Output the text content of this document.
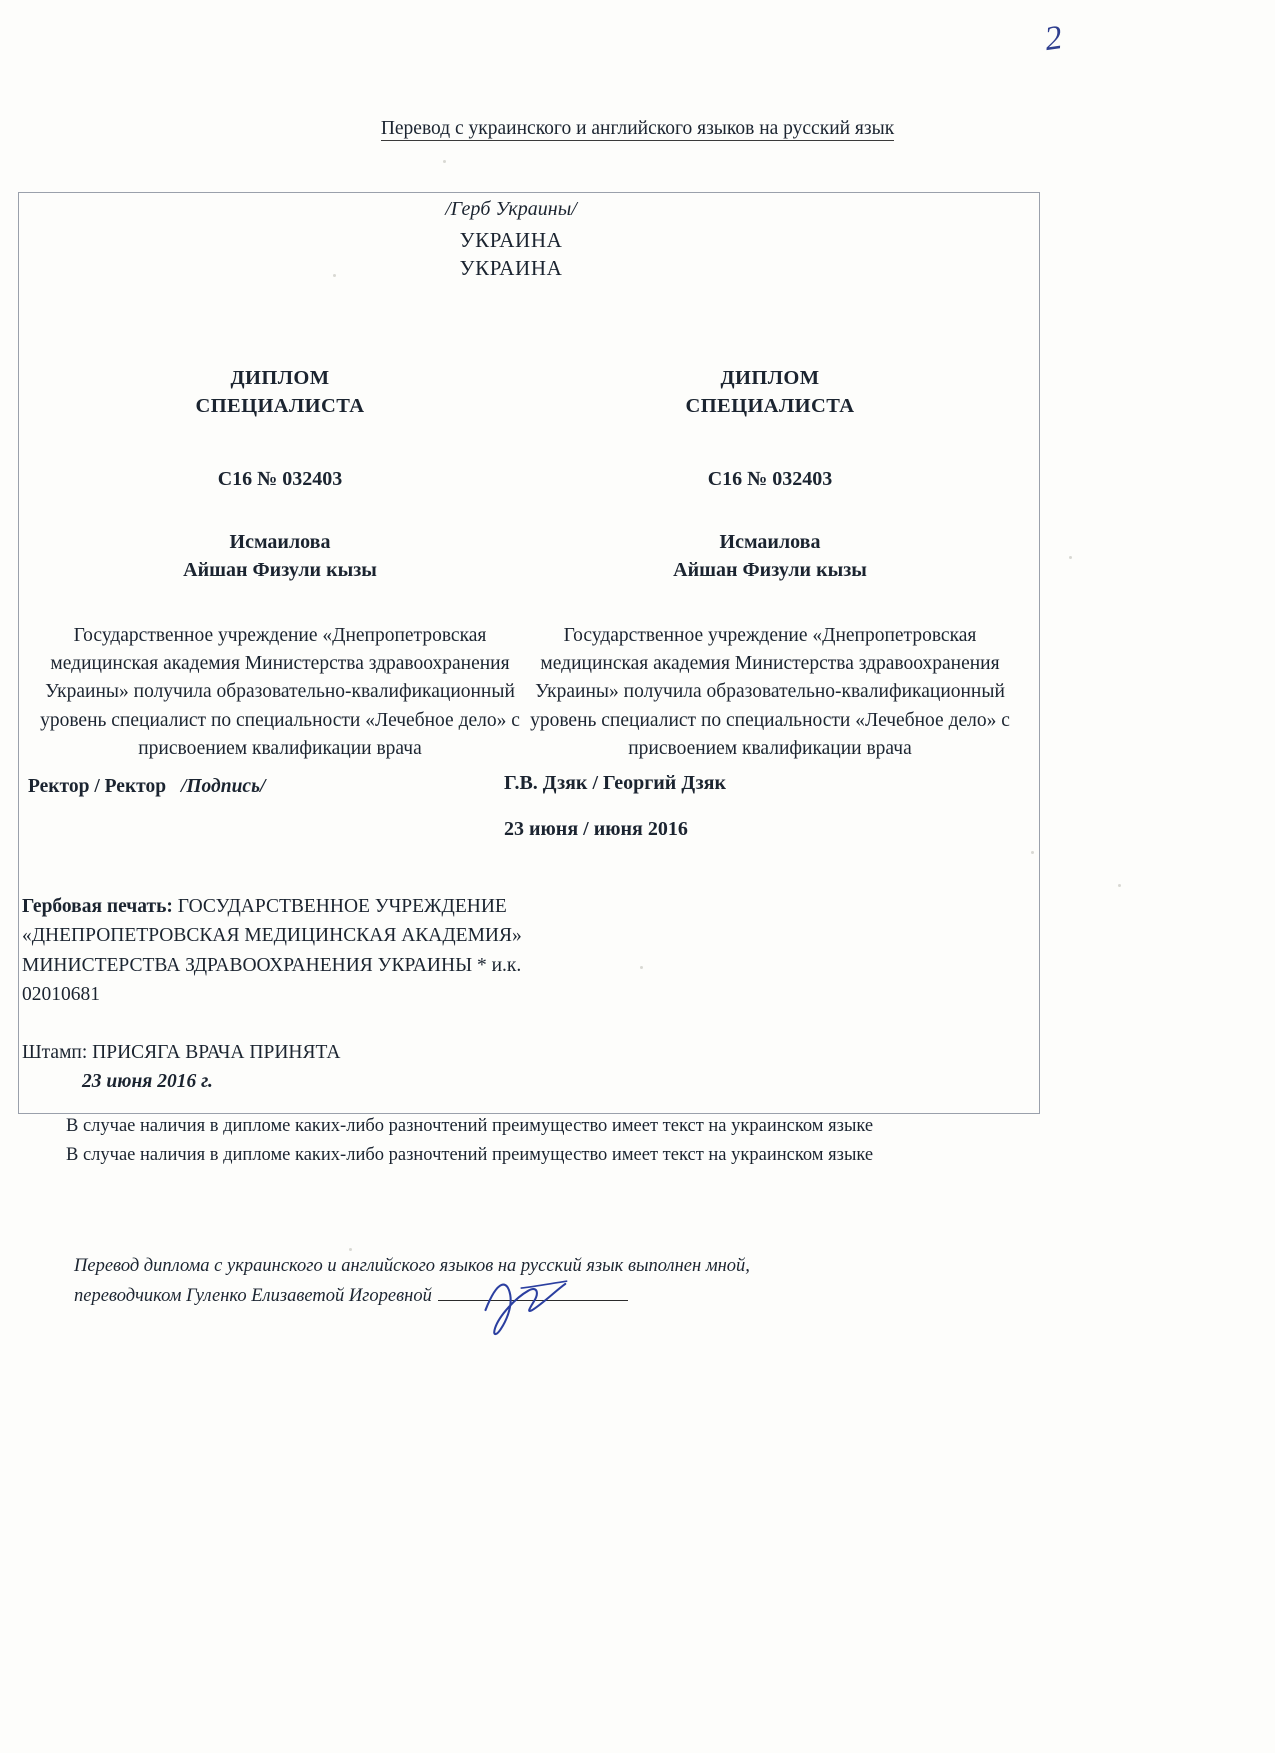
2
Перевод с украинского и английского языков на русский язык
/Герб Украины/
УКРАИНА
УКРАИНА
ДИПЛОМ
СПЕЦИАЛИСТА
С16 № 032403
Исмаилова
Айшан Физули кызы
Государственное учреждение «Днепропетровская медицинская академия Министерства здравоохранения Украины» получила образовательно-квалификационный уровень специалист по специальности «Лечебное дело» с присвоением квалификации врача
ДИПЛОМ
СПЕЦИАЛИСТА
С16 № 032403
Исмаилова
Айшан Физули кызы
Государственное учреждение «Днепропетровская медицинская академия Министерства здравоохранения Украины» получила образовательно-квалификационный уровень специалист по специальности «Лечебное дело» с присвоением квалификации врача
Ректор / Ректор /Подпись/	Г.В. Дзяк / Георгий Дзяк
23 июня / июня 2016
Гербовая печать: ГОСУДАРСТВЕННОЕ УЧРЕЖДЕНИЕ «ДНЕПРОПЕТРОВСКАЯ МЕДИЦИНСКАЯ АКАДЕМИЯ» МИНИСТЕРСТВА ЗДРАВООХРАНЕНИЯ УКРАИНЫ * и.к. 02010681
Штамп: ПРИСЯГА ВРАЧА ПРИНЯТА
23 июня 2016 г.
В случае наличия в дипломе каких-либо разночтений преимущество имеет текст на украинском языке
В случае наличия в дипломе каких-либо разночтений преимущество имеет текст на украинском языке
Перевод диплома с украинского и английского языков на русский язык выполнен мной,
переводчиком Гуленко Елизаветой Игоревной
